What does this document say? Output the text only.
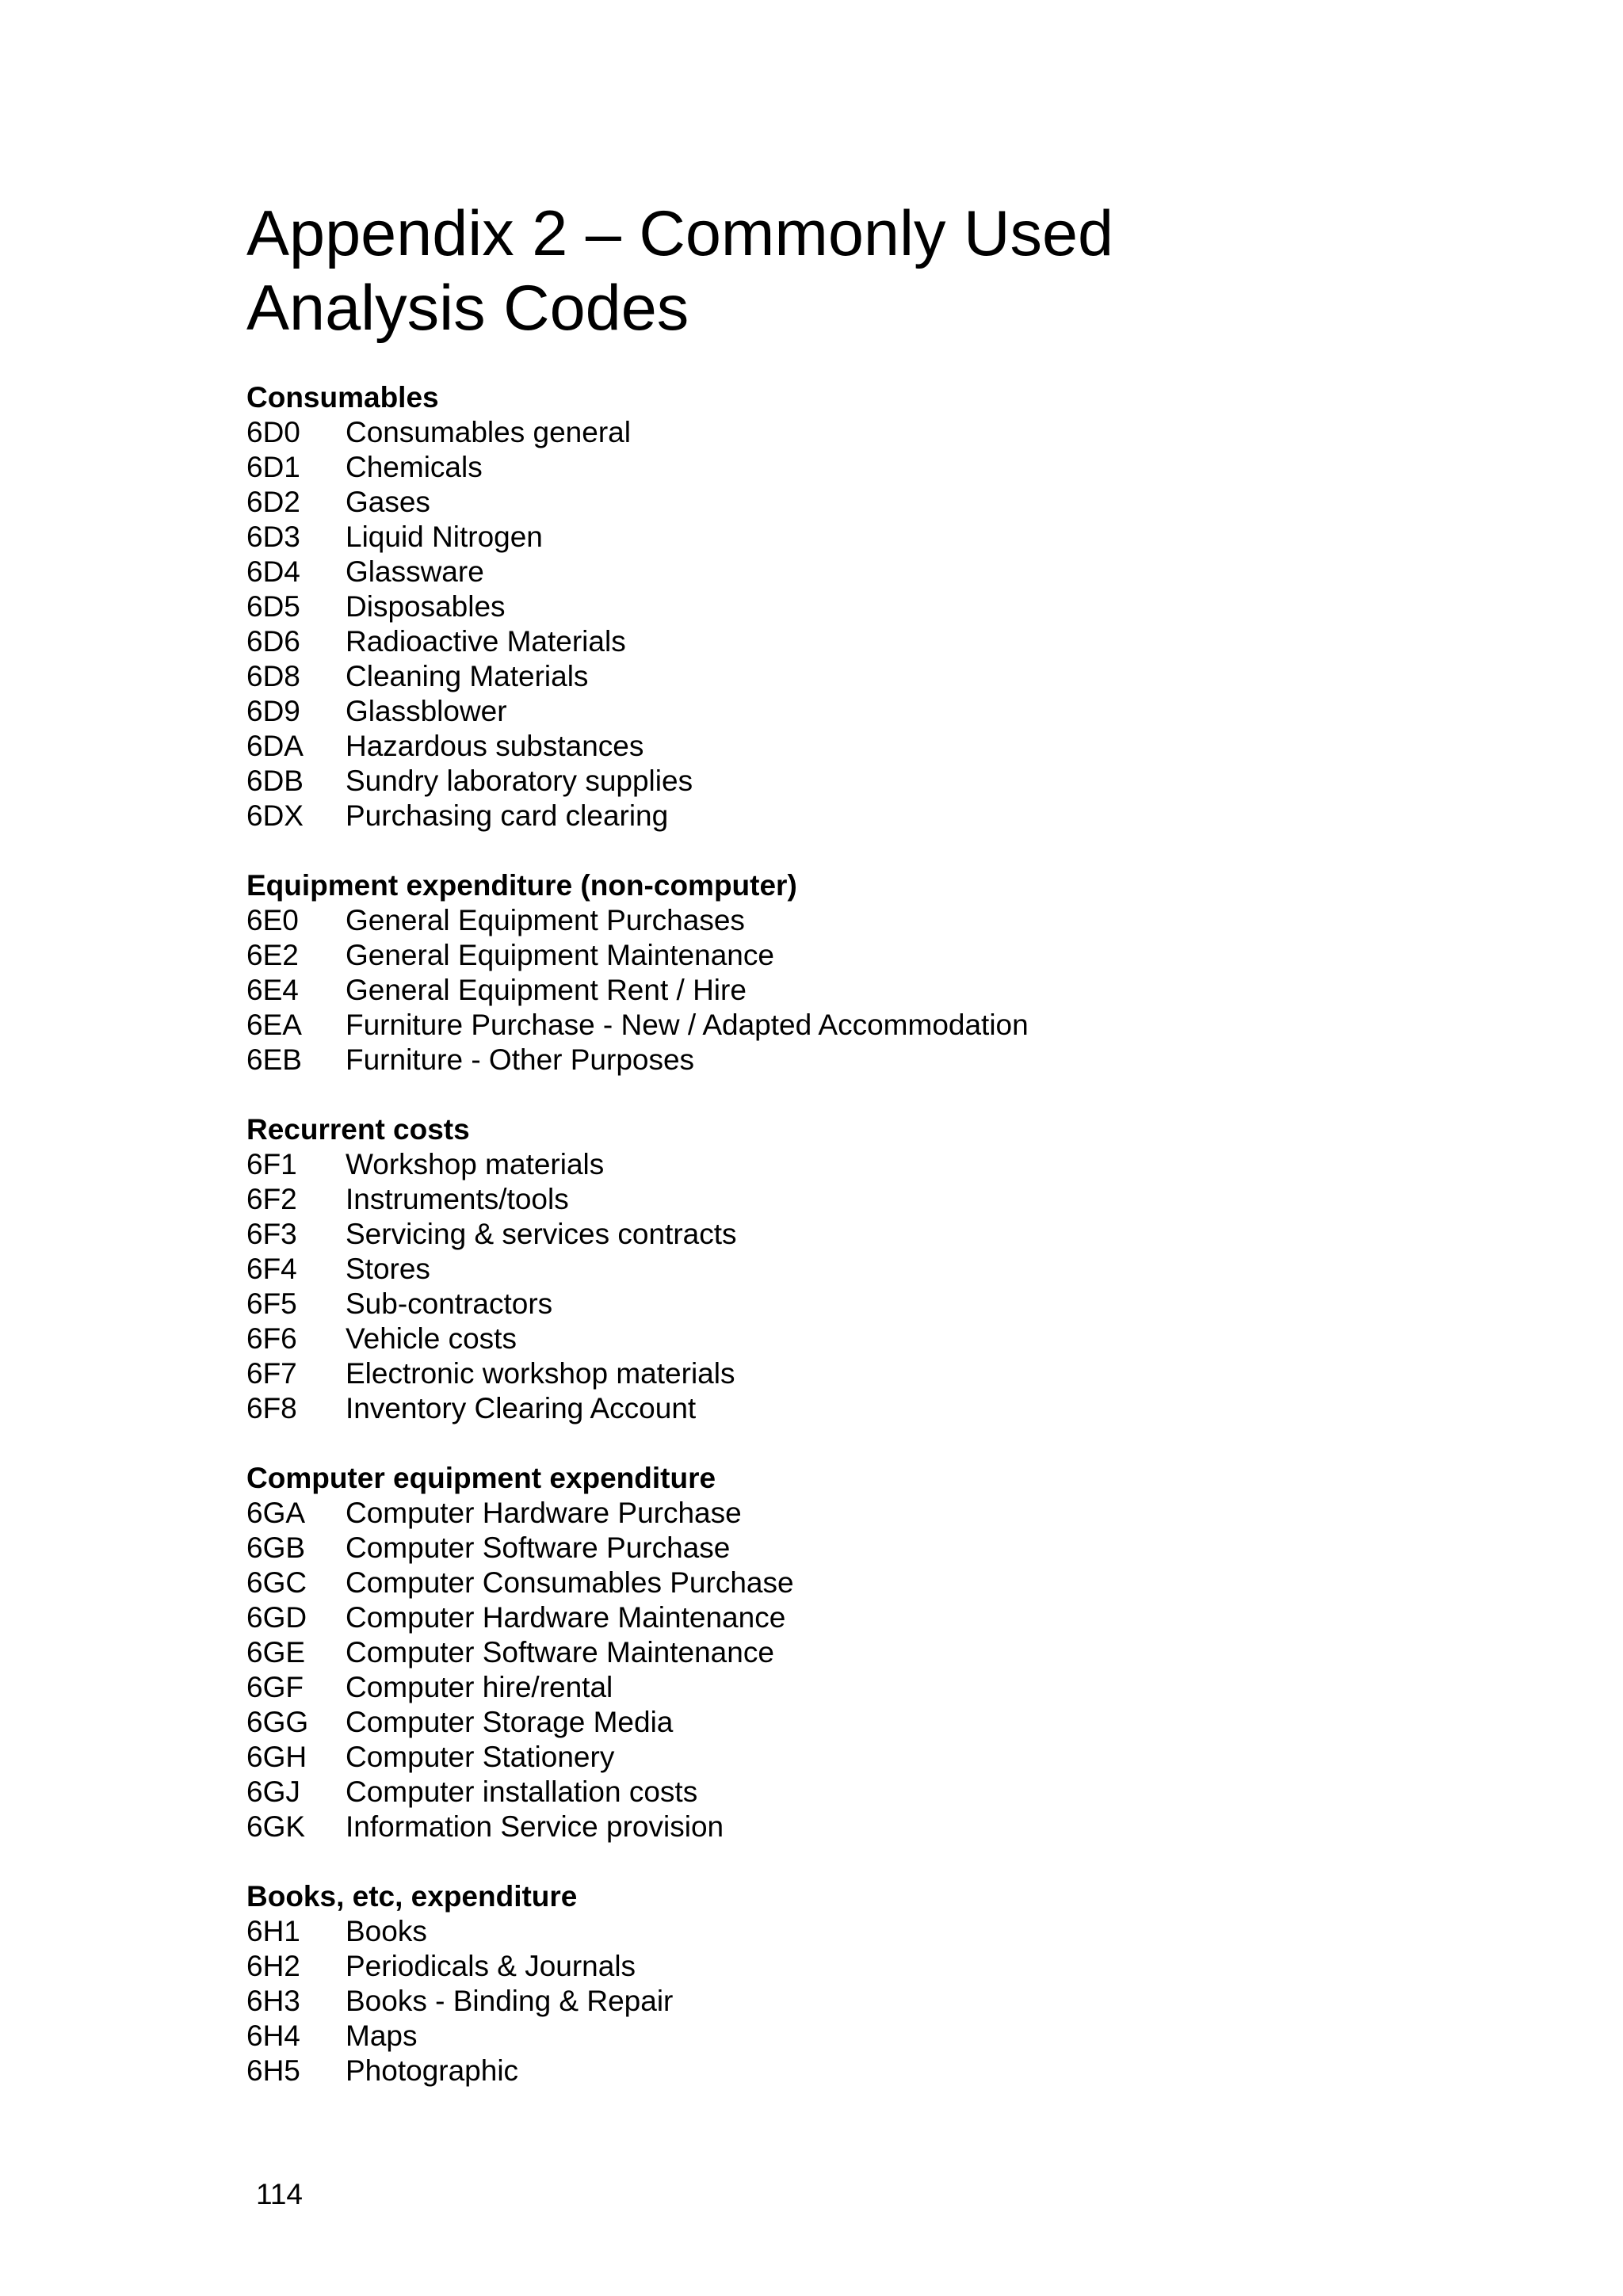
Appendix 2 – Commonly Used
Analysis Codes
Consumables
6D0	Consumables general
6D1	Chemicals
6D2	Gases
6D3	Liquid Nitrogen
6D4	Glassware
6D5	Disposables
6D6	Radioactive Materials
6D8	Cleaning Materials
6D9	Glassblower
6DA	Hazardous substances
6DB	Sundry laboratory supplies
6DX	Purchasing card clearing
Equipment expenditure (non-computer)
6E0	General Equipment Purchases
6E2	General Equipment Maintenance
6E4	General Equipment Rent / Hire
6EA	Furniture Purchase - New / Adapted Accommodation
6EB	Furniture - Other Purposes
Recurrent costs
6F1	Workshop materials
6F2	Instruments/tools
6F3	Servicing & services contracts
6F4	Stores
6F5	Sub-contractors
6F6	Vehicle costs
6F7	Electronic workshop materials
6F8	Inventory Clearing Account
Computer equipment expenditure
6GA	Computer Hardware Purchase
6GB	Computer Software Purchase
6GC	Computer Consumables Purchase
6GD	Computer Hardware Maintenance
6GE	Computer Software Maintenance
6GF	Computer hire/rental
6GG	Computer Storage Media
6GH	Computer Stationery
6GJ	Computer installation costs
6GK	Information Service provision
Books, etc, expenditure
6H1	Books
6H2	Periodicals & Journals
6H3	Books - Binding & Repair
6H4	Maps
6H5	Photographic
114
